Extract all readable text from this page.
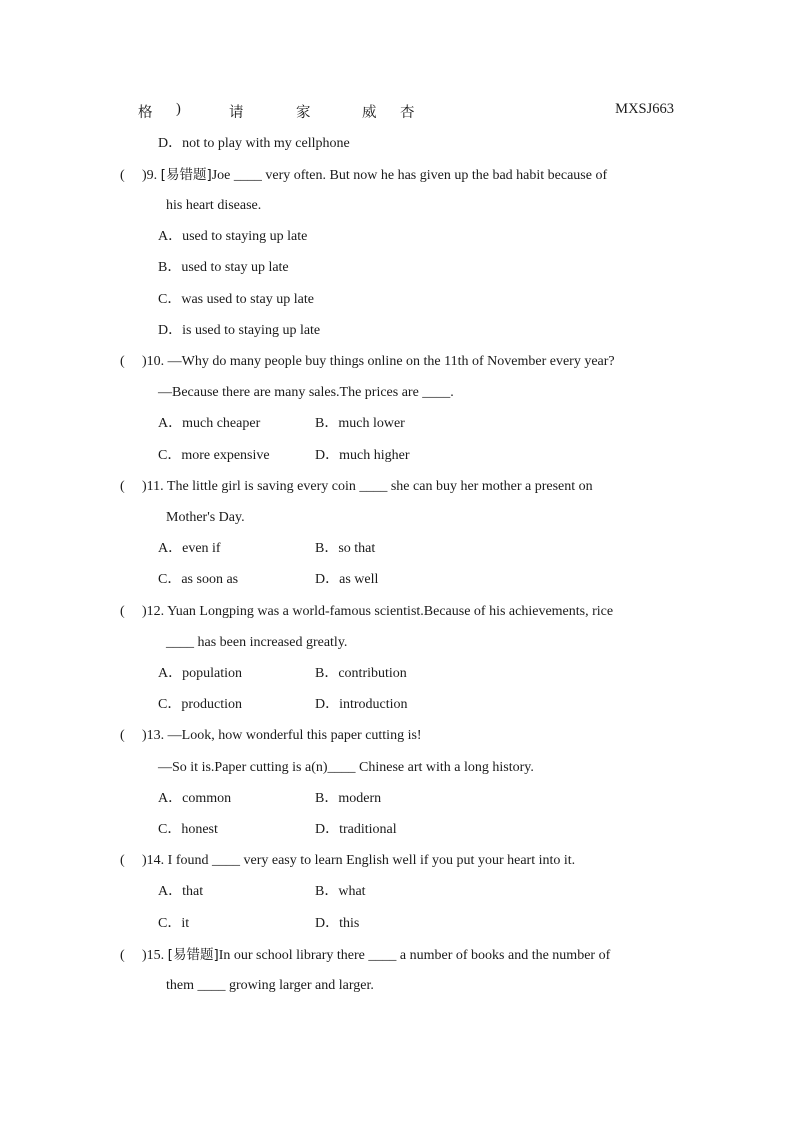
格 )	请	家	威 杏	MXSJ663
D．not to play with my cellphone
( )9. [易错题]Joe ____ very often. But now he has given up the bad habit because of
his heart disease.
A．used to staying up late
B．used to stay up late
C．was used to stay up late
D．is used to staying up late
( )10. —Why do many people buy things online on the 11th of November every year?
—Because there are many sales.The prices are ____.
A．much cheaper	B．much lower
C．more expensive	D．much higher
( )11. The little girl is saving every coin ____ she can buy her mother a present on
Mother's Day.
A．even if	B．so that
C．as soon as	D．as well
( )12. Yuan Longping was a world-famous scientist.Because of his achievements, rice
____ has been increased greatly.
A．population	B．contribution
C．production	D．introduction
( )13. —Look, how wonderful this paper cutting is!
—So it is.Paper cutting is a(n)____ Chinese art with a long history.
A．common	B．modern
C．honest	D．traditional
( )14. I found ____ very easy to learn English well if you put your heart into it.
A．that	B．what
C．it	D．this
( )15. [易错题]In our school library there ____ a number of books and the number of
them ____ growing larger and larger.
